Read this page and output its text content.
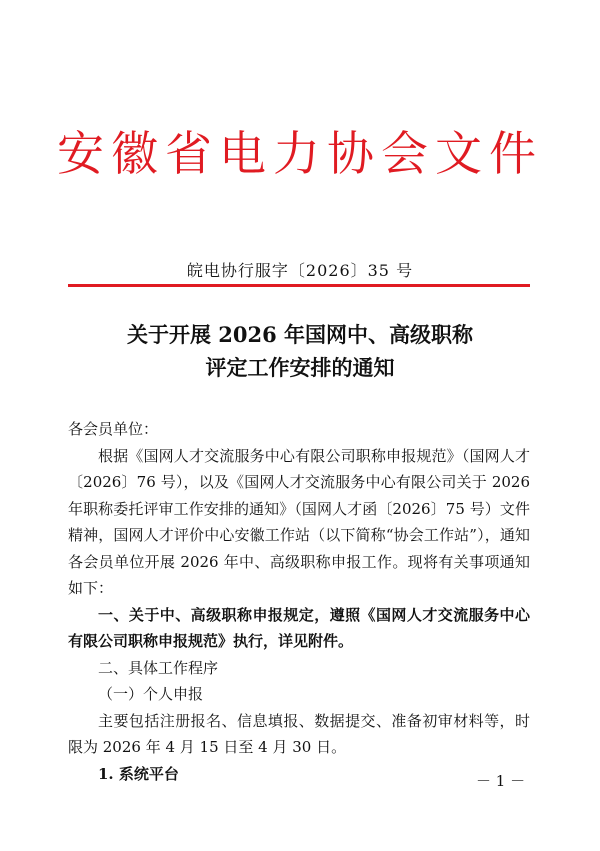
安徽省电力协会文件
皖电协行服字〔2026〕35 号
关于开展 2026 年国网中、高级职称
评定工作安排的通知

各会员单位：

根据《国网人才交流服务中心有限公司职称申报规范》（国网人才〔2026〕76 号），以及《国网人才交流服务中心有限公司关于 2026 年职称委托评审工作安排的通知》（国网人才函〔2026〕75 号）文件精神，国网人才评价中心安徽工作站（以下简称“协会工作站”），通知各会员单位开展 2026 年中、高级职称申报工作。现将有关事项通知如下：

一、关于中、高级职称申报规定，遵照《国网人才交流服务中心有限公司职称申报规范》执行，详见附件。

二、具体工作程序

（一）个人申报

主要包括注册报名、信息填报、数据提交、准备初审材料等，时限为 2026 年 4 月 15 日至 4 月 30 日。

1. 系统平台	－ 1 －
